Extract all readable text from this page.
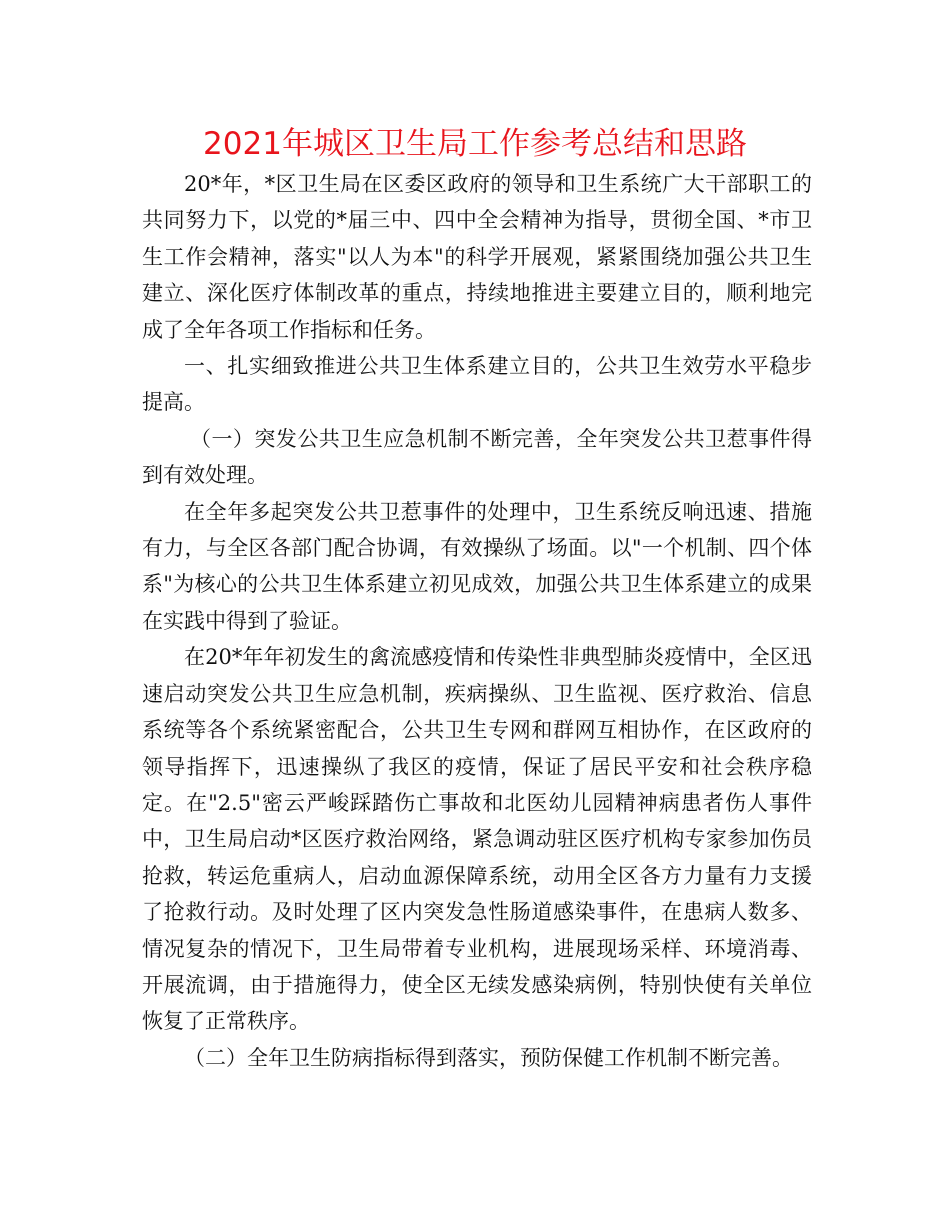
2021年城区卫生局工作参考总结和思路

20*年，*区卫生局在区委区政府的领导和卫生系统广大干部职工的共同努力下，以党的*届三中、四中全会精神为指导，贯彻全国、*市卫生工作会精神，落实"以人为本"的科学开展观，紧紧围绕加强公共卫生建立、深化医疗体制改革的重点，持续地推进主要建立目的，顺利地完成了全年各项工作指标和任务。

一、扎实细致推进公共卫生体系建立目的，公共卫生效劳水平稳步提高。

（一）突发公共卫生应急机制不断完善，全年突发公共卫惹事件得到有效处理。

在全年多起突发公共卫惹事件的处理中，卫生系统反响迅速、措施有力，与全区各部门配合协调，有效操纵了场面。以"一个机制、四个体系"为核心的公共卫生体系建立初见成效，加强公共卫生体系建立的成果在实践中得到了验证。

在20*年年初发生的禽流感疫情和传染性非典型肺炎疫情中，全区迅速启动突发公共卫生应急机制，疾病操纵、卫生监视、医疗救治、信息系统等各个系统紧密配合，公共卫生专网和群网互相协作，在区政府的领导指挥下，迅速操纵了我区的疫情，保证了居民平安和社会秩序稳定。在"2.5"密云严峻踩踏伤亡事故和北医幼儿园精神病患者伤人事件中，卫生局启动*区医疗救治网络，紧急调动驻区医疗机构专家参加伤员抢救，转运危重病人，启动血源保障系统，动用全区各方力量有力支援了抢救行动。及时处理了区内突发急性肠道感染事件，在患病人数多、情况复杂的情况下，卫生局带着专业机构，进展现场采样、环境消毒、开展流调，由于措施得力，使全区无续发感染病例，特别快使有关单位恢复了正常秩序。

（二）全年卫生防病指标得到落实，预防保健工作机制不断完善。
